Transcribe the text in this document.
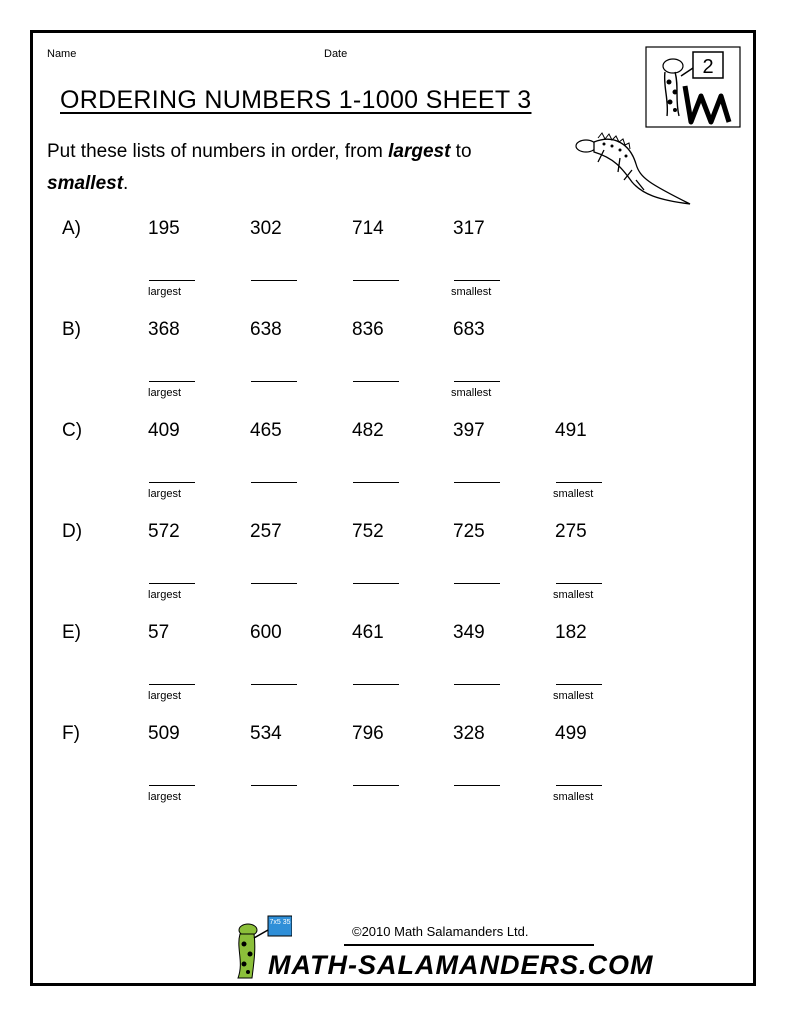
Name	Date
ORDERING NUMBERS 1-1000 SHEET 3
2
Put these lists of numbers in order, from largest to
smallest.
A)	195
largest
302	714	317
smallest
B)	368
largest
638	836	683
smallest
C)	409
largest
465	482	397	491
smallest
D)	572
largest
257	752	725	275
smallest
E)	57
largest
600	461	349	182
smallest
F)	509
largest
534	796	328	499
smallest
7x5 35
©2010 Math Salamanders Ltd.
MATH-SALAMANDERS.COM
